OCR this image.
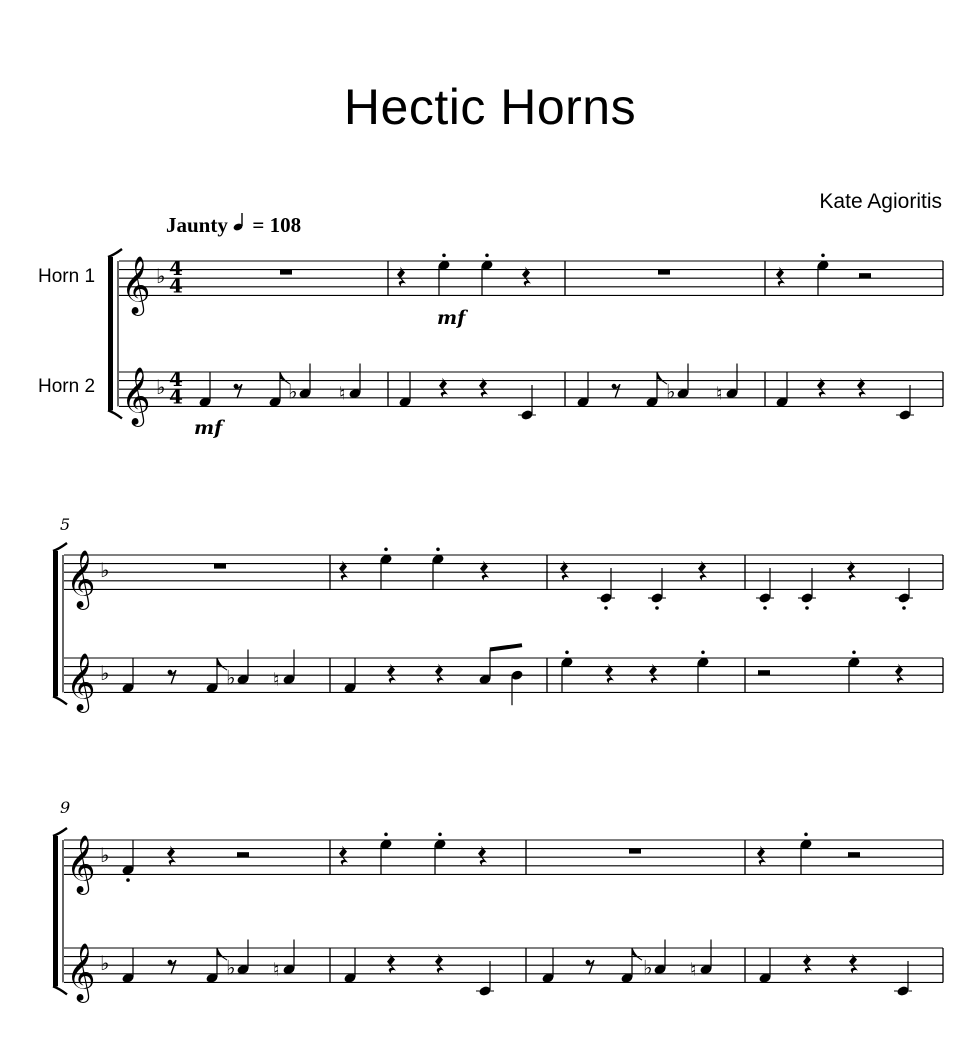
Hectic Horns
Kate Agioritis
Jaunty = 108
Horn 1
Horn 2
𝄞 ♭ 4
4
𝄞 ♭ 4
4
mf
♭ ♮	♭ ♮
mf
5
𝄞 ♭
𝄞 ♭	♭ ♮
9
𝄞 ♭
𝄞 ♭	♭ ♮	♭ ♮
